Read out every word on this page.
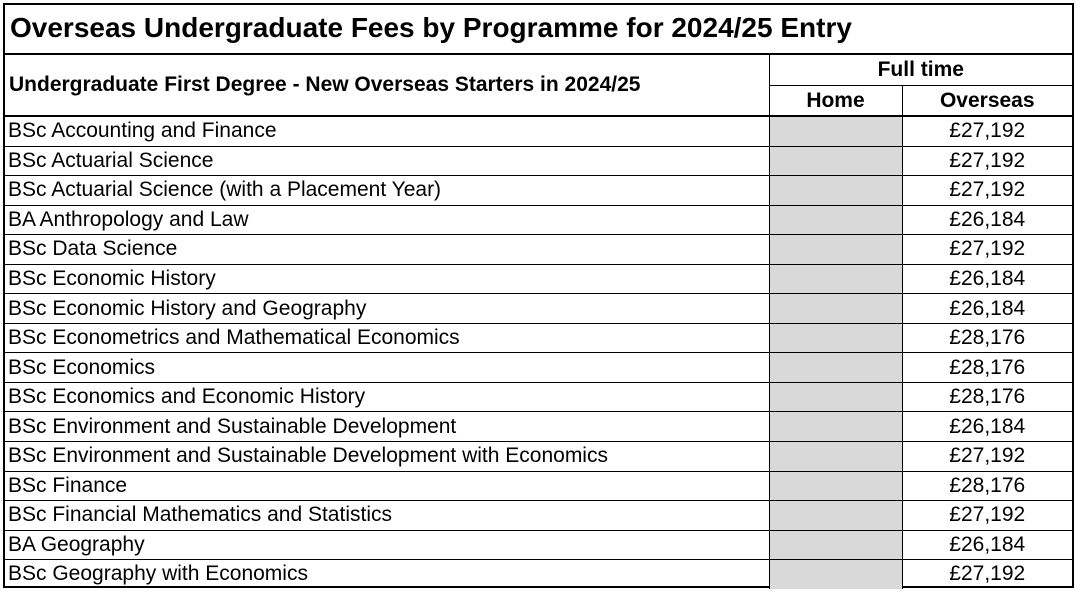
Overseas Undergraduate Fees by Programme for 2024/25 Entry
Undergraduate First Degree - New Overseas Starters in 2024/25	Full time	
	Home	Overseas
BSc Accounting and Finance		£27,192
BSc Actuarial Science		£27,192
BSc Actuarial Science (with a Placement Year)		£27,192
BA Anthropology and Law		£26,184
BSc Data Science		£27,192
BSc Economic History		£26,184
BSc Economic History and Geography		£26,184
BSc Econometrics and Mathematical Economics		£28,176
BSc Economics		£28,176
BSc Economics and Economic History		£28,176
BSc Environment and Sustainable Development		£26,184
BSc Environment and Sustainable Development with Economics		£27,192
BSc Finance		£28,176
BSc Financial Mathematics and Statistics		£27,192
BA Geography		£26,184
BSc Geography with Economics		£27,192
